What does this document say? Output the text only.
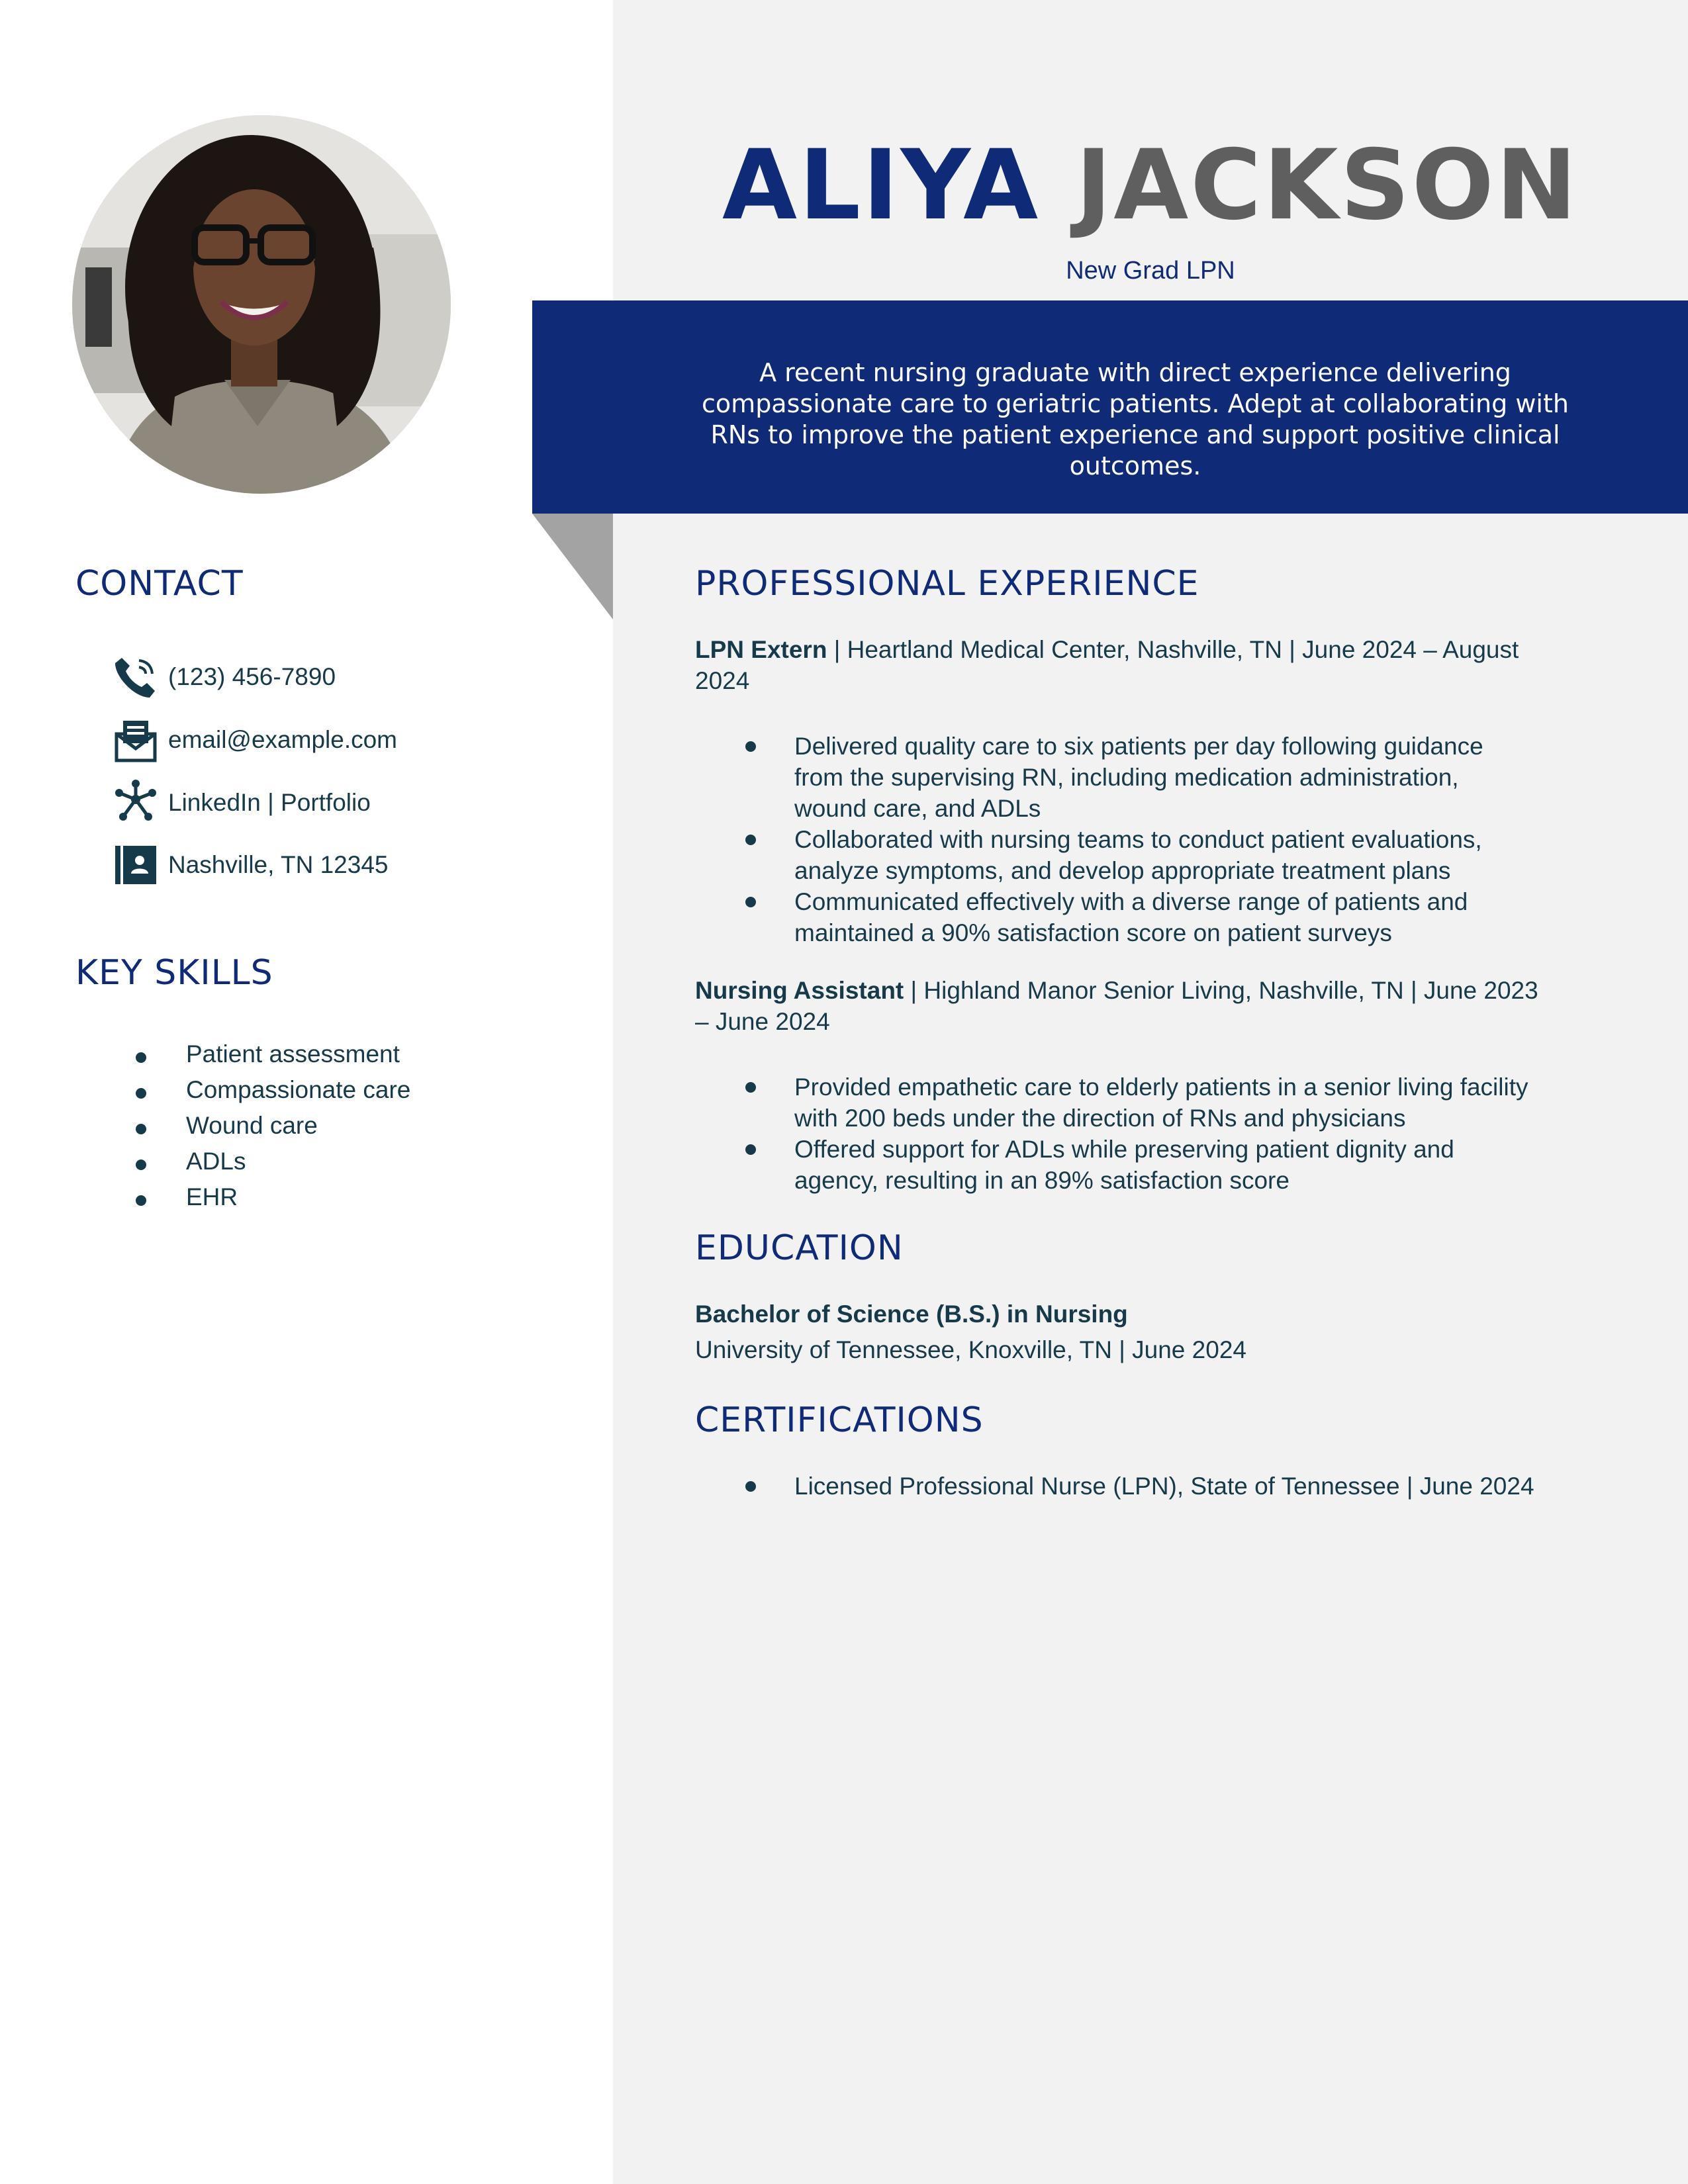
ALIYA JACKSON
New Grad LPN
A recent nursing graduate with direct experience delivering compassionate care to geriatric patients. Adept at collaborating with RNs to improve the patient experience and support positive clinical outcomes.
CONTACT
(123) 456-7890
email@example.com
LinkedIn | Portfolio
Nashville, TN 12345
KEY SKILLS
Patient assessment
Compassionate care
Wound care
ADLs
EHR
PROFESSIONAL EXPERIENCE
LPN Extern | Heartland Medical Center, Nashville, TN | June 2024 – August
2024
Delivered quality care to six patients per day following guidance
from the supervising RN, including medication administration,
wound care, and ADLs
Collaborated with nursing teams to conduct patient evaluations,
analyze symptoms, and develop appropriate treatment plans
Communicated effectively with a diverse range of patients and
maintained a 90% satisfaction score on patient surveys
Nursing Assistant | Highland Manor Senior Living, Nashville, TN | June 2023
– June 2024
Provided empathetic care to elderly patients in a senior living facility
with 200 beds under the direction of RNs and physicians
Offered support for ADLs while preserving patient dignity and
agency, resulting in an 89% satisfaction score
EDUCATION
Bachelor of Science (B.S.) in Nursing
University of Tennessee, Knoxville, TN | June 2024
CERTIFICATIONS
Licensed Professional Nurse (LPN), State of Tennessee | June 2024
